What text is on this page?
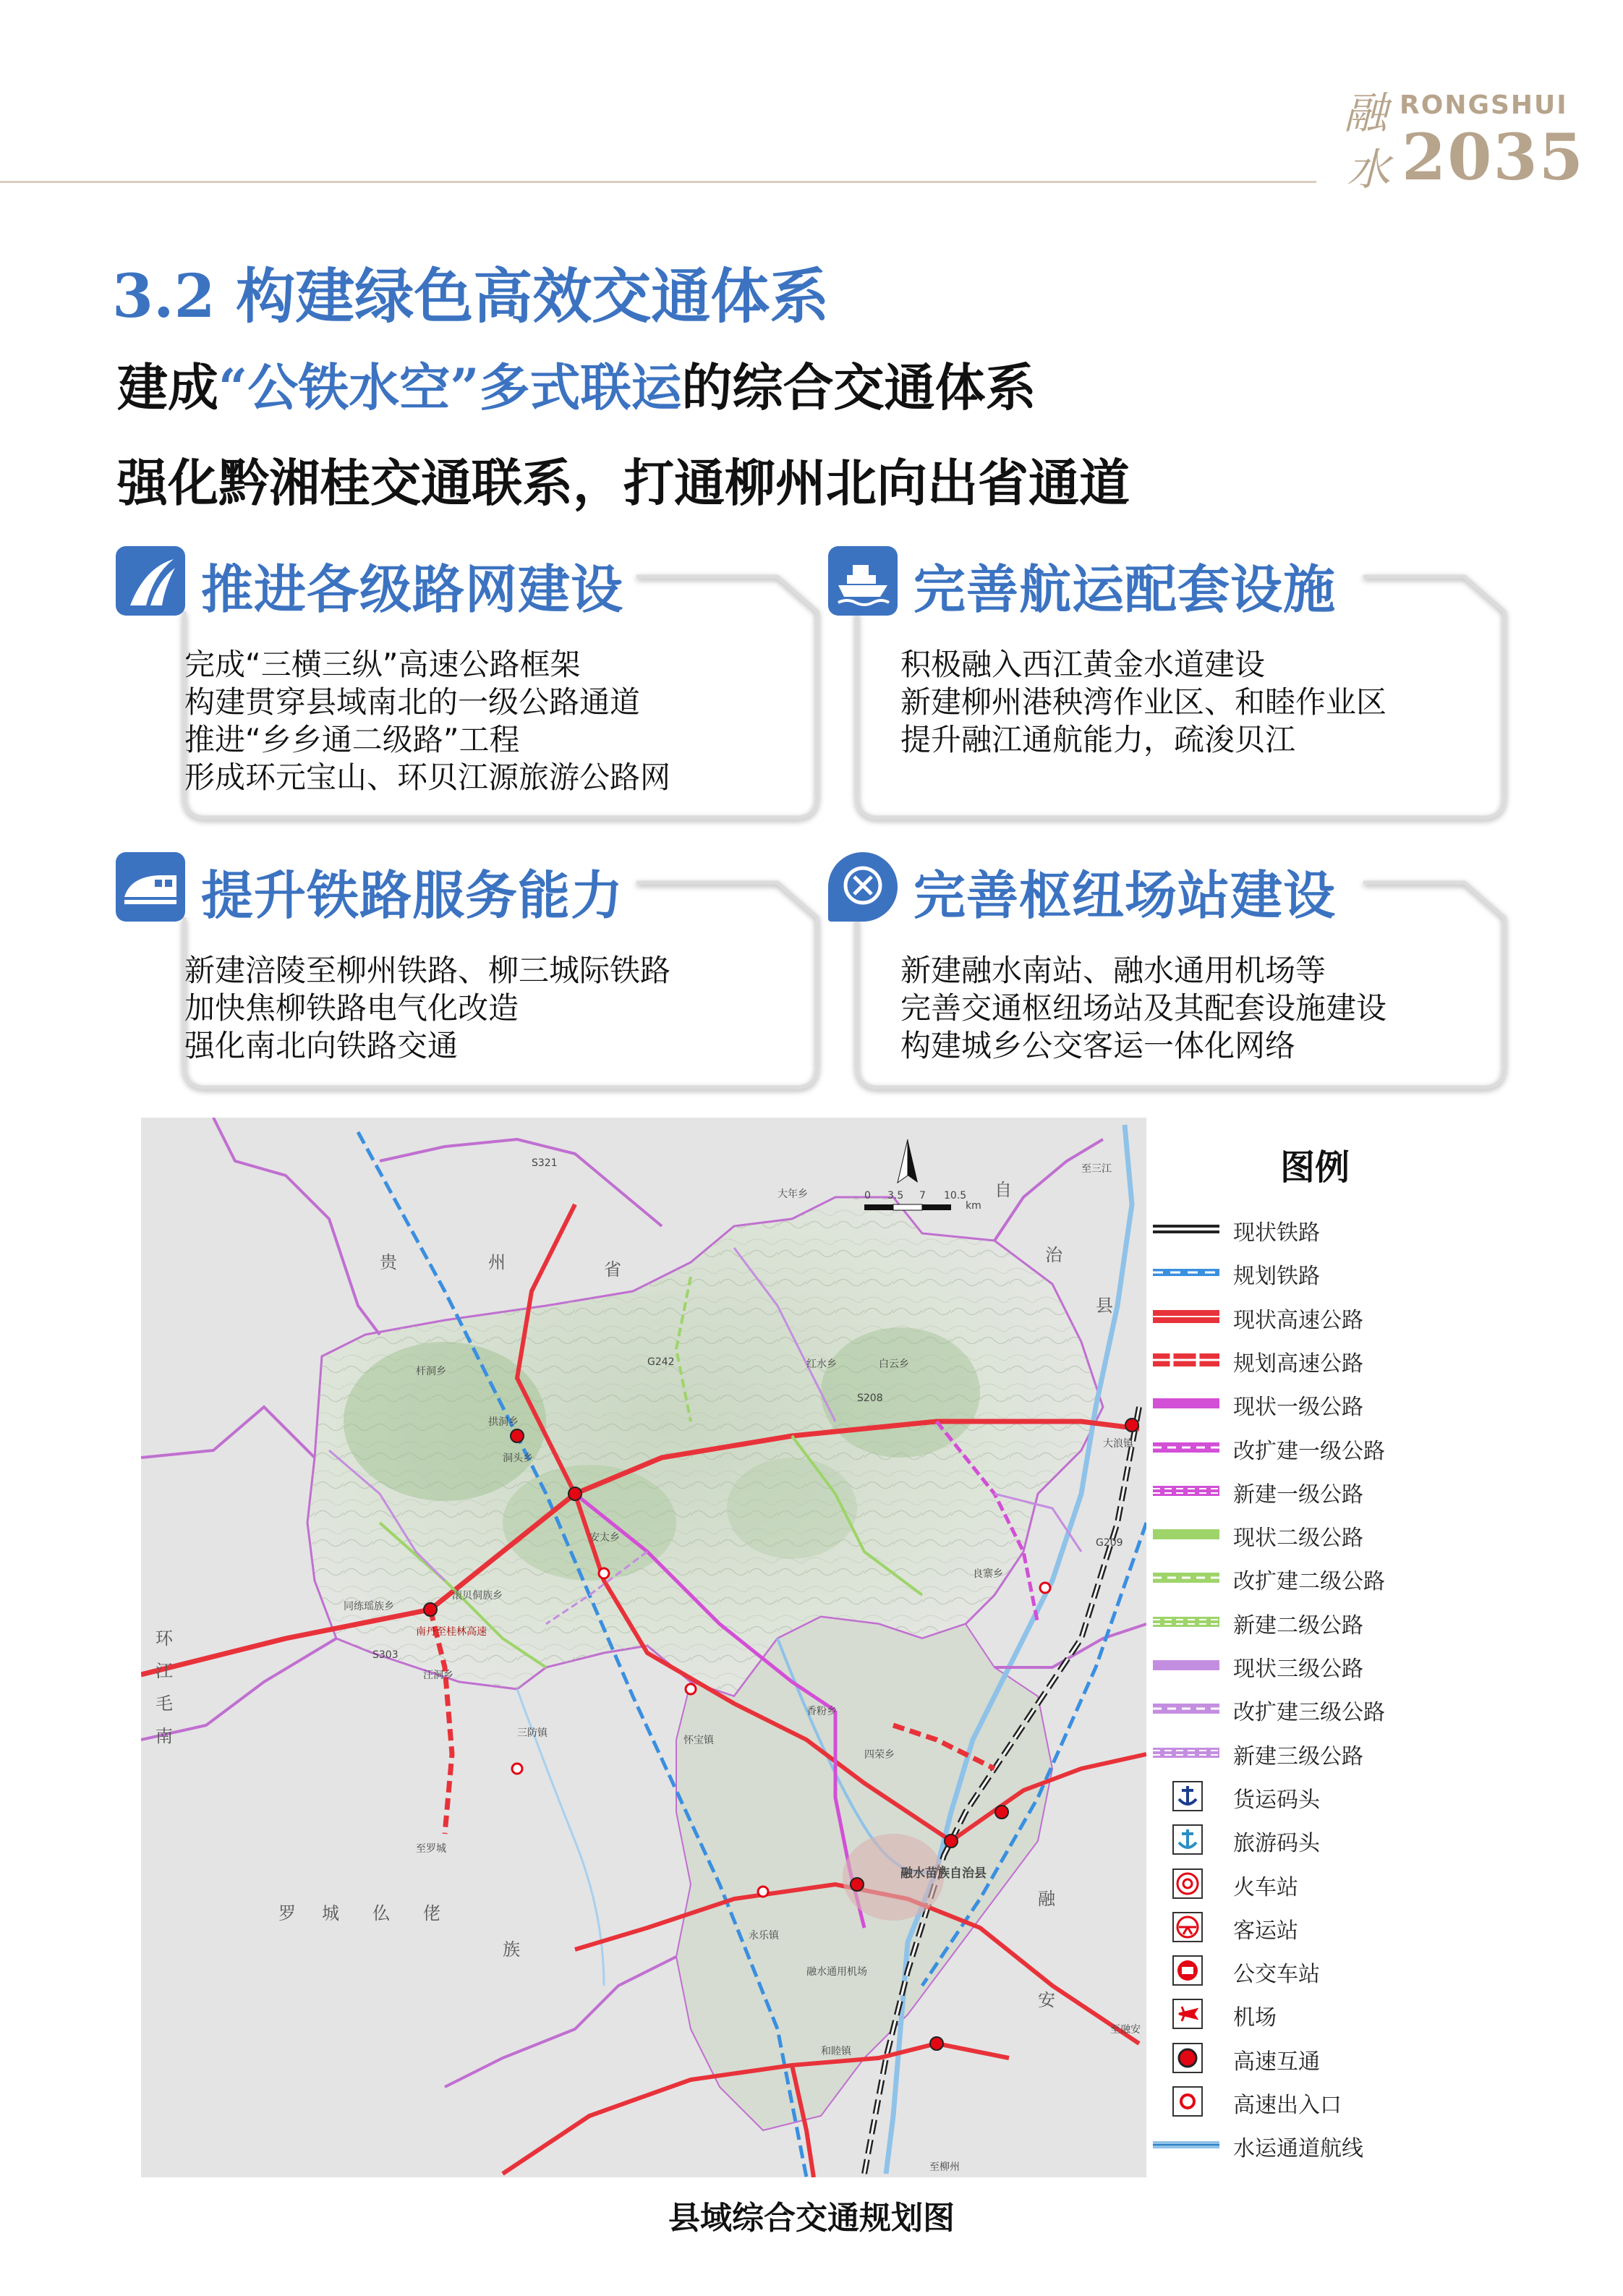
融
水
RONGSHUI
2035
3.2 构建绿色高效交通体系
建成“公铁水空”多式联运的综合交通体系
强化黔湘桂交通联系，打通柳州北向出省通道
推进各级路网建设
完成“三横三纵”高速公路框架
构建贯穿县域南北的一级公路通道
推进“乡乡通二级路”工程
形成环元宝山、环贝江源旅游公路网
完善航运配套设施
积极融入西江黄金水道建设
新建柳州港秧湾作业区、和睦作业区
提升融江通航能力，疏浚贝江
提升铁路服务能力
新建涪陵至柳州铁路、柳三城际铁路
加快焦柳铁路电气化改造
强化南北向铁路交通
完善枢纽场站建设
新建融水南站、融水通用机场等
完善交通枢纽场站及其配套设施建设
构建城乡公交客运一体化网络
0 3.5 7 10.5
km
贵	州	省
自
治
县
环
江
毛
南
族
罗 城 仫 佬
融
安
大年乡
杆洞乡
洞头乡
红水乡	白云乡
安太乡
滚贝侗族乡
汪洞乡
同练瑶族乡
拱洞乡
三防镇
怀宝镇
香粉乡
四荣乡
永乐镇
和睦镇
大浪镇
融水苗族自治县
融水通用机场
良寨乡
南丹至桂林高速
至柳州
至罗城
至三江
至融安
S321
G242
S303
S208
G209
图例
现状铁路
规划铁路
现状高速公路
规划高速公路
现状一级公路
改扩建一级公路
新建一级公路
现状二级公路
改扩建二级公路
新建二级公路
现状三级公路
改扩建三级公路
新建三级公路
货运码头
旅游码头
火车站
客运站
公交车站
机场
高速互通
高速出入口
水运通道航线
县域综合交通规划图
